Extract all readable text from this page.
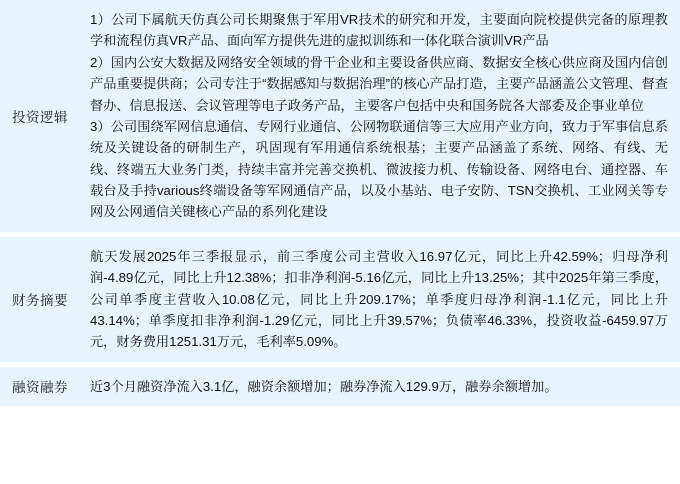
投资逻辑

1）公司下属航天仿真公司长期聚焦于军用VR技术的研究和开发，主要面向院校提供完备的原理教学和流程仿真VR产品、面向军方提供先进的虚拟训练和一体化联合演训VR产品

2）国内公安大数据及网络安全领域的骨干企业和主要设备供应商、数据安全核心供应商及国内信创产品重要提供商；公司专注于“数据感知与数据治理”的核心产品打造，主要产品涵盖公文管理、督查督办、信息报送、会议管理等电子政务产品，主要客户包括中央和国务院各大部委及企事业单位

3）公司围绕军网信息通信、专网行业通信、公网物联通信等三大应用产业方向，致力于军事信息系统及关键设备的研制生产，巩固现有军用通信系统根基；主要产品涵盖了系统、网络、有线、无线、终端五大业务门类，持续丰富并完善交换机、微波接力机、传输设备、网络电台、通控器、车载台及手持various终端设备等军网通信产品，以及小基站、电子安防、TSN交换机、工业网关等专网及公网通信关键核心产品的系列化建设

财务摘要

航天发展2025年三季报显示，前三季度公司主营收入16.97亿元，同比上升42.59%；归母净利润-4.89亿元，同比上升12.38%；扣非净利润-5.16亿元，同比上升13.25%；其中2025年第三季度，公司单季度主营收入10.08亿元，同比上升209.17%；单季度归母净利润-1.1亿元，同比上升43.14%；单季度扣非净利润-1.29亿元，同比上升39.57%；负债率46.33%，投资收益-6459.97万元，财务费用1251.31万元，毛利率5.09%。

融资融券	近3个月融资净流入3.1亿，融资余额增加；融券净流入129.9万，融券余额增加。
